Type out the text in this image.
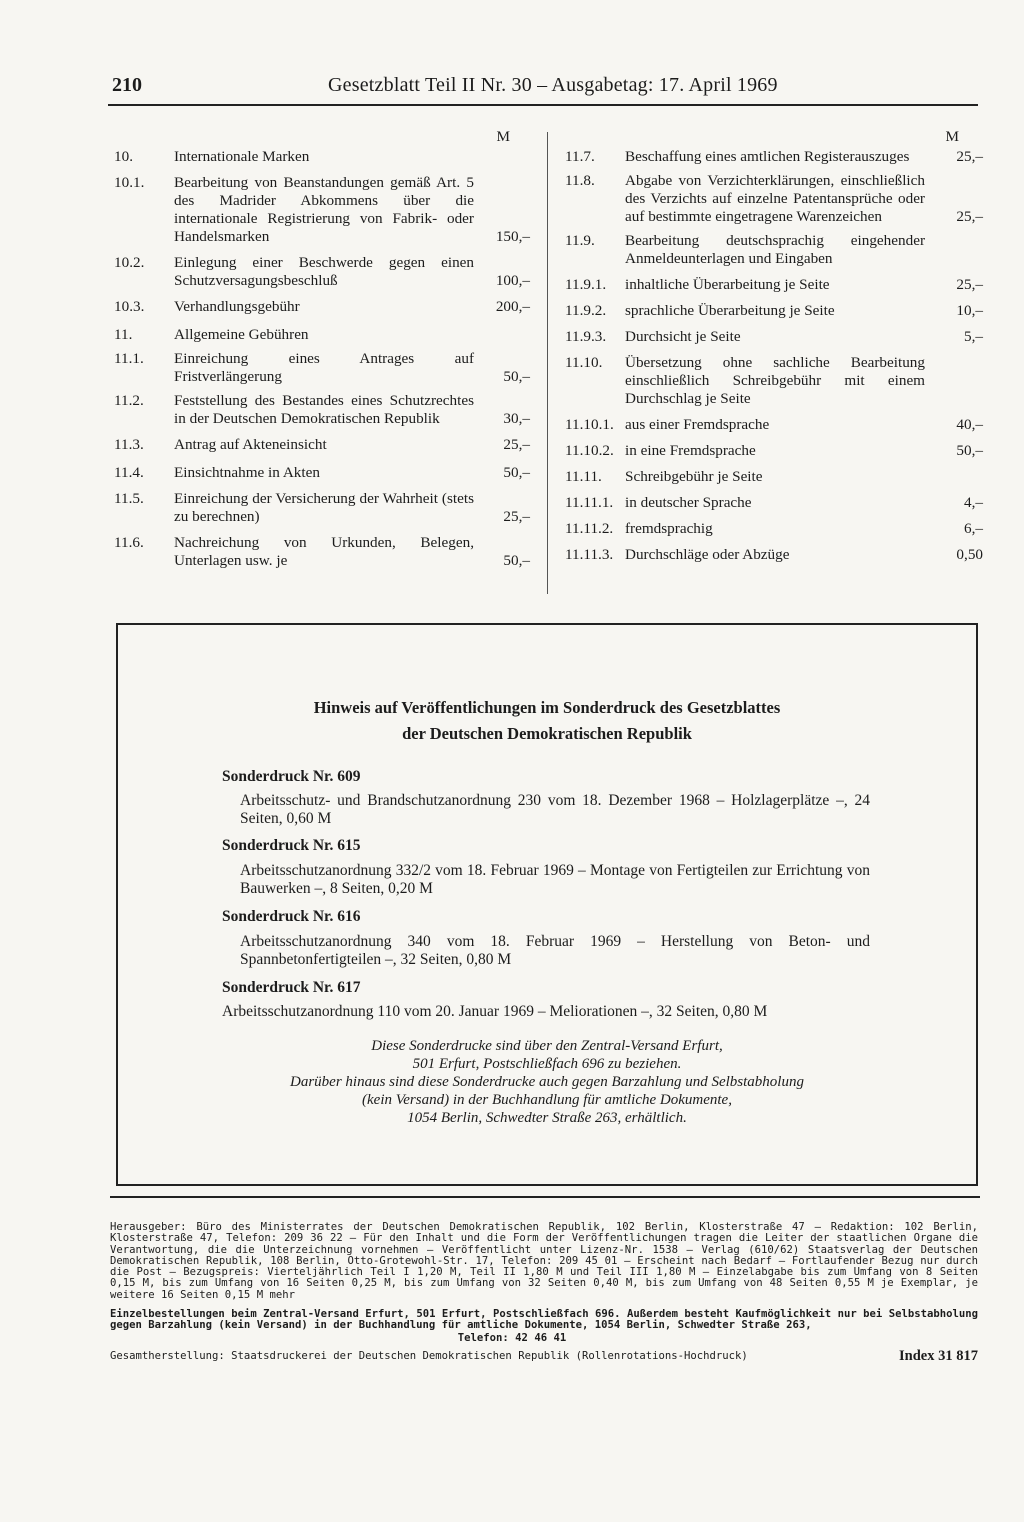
210	Gesetzblatt Teil II Nr. 30 – Ausgabetag: 17. April 1969
M
10.	Internationale Marken
10.1.	Bearbeitung von Beanstandungen gemäß Art. 5 des Madrider Abkommens über die internationale Registrierung von Fabrik- oder Handelsmarken	150,–
10.2.	Einlegung einer Beschwerde gegen einen Schutzversagungsbeschluß	100,–
10.3.	Verhandlungsgebühr	200,–
11.	Allgemeine Gebühren
11.1.	Einreichung eines Antrages auf Fristverlängerung	50,–
11.2.	Feststellung des Bestandes eines Schutzrechtes in der Deutschen Demokratischen Republik	30,–
11.3.	Antrag auf Akteneinsicht	25,–
11.4.	Einsichtnahme in Akten	50,–
11.5.	Einreichung der Versicherung der Wahrheit (stets zu berechnen)	25,–
11.6.	Nachreichung von Urkunden, Belegen, Unterlagen usw. je	50,–
M
11.7.	Beschaffung eines amtlichen Registerauszuges	25,–
11.8.	Abgabe von Verzichterklärungen, einschließlich des Verzichts auf einzelne Patentansprüche oder auf bestimmte eingetragene Warenzeichen	25,–
11.9.	Bearbeitung deutschsprachig eingehender Anmeldeunterlagen und Eingaben
11.9.1.	inhaltliche Überarbeitung je Seite	25,–
11.9.2.	sprachliche Überarbeitung je Seite	10,–
11.9.3.	Durchsicht je Seite	5,–
11.10.	Übersetzung ohne sachliche Bearbeitung einschließlich Schreibgebühr mit einem Durchschlag je Seite
11.10.1. aus einer Fremdsprache	40,–
11.10.2. in eine Fremdsprache	50,–
11.11.	Schreibgebühr je Seite
11.11.1. in deutscher Sprache	4,–
11.11.2. fremdsprachig	6,–
11.11.3. Durchschläge oder Abzüge	0,50
Hinweis auf Veröffentlichungen im Sonderdruck des Gesetzblattes
der Deutschen Demokratischen Republik
Sonderdruck Nr. 609
Arbeitsschutz- und Brandschutzanordnung 230 vom 18. Dezember 1968 – Holzlagerplätze –, 24 Seiten, 0,60 M
Sonderdruck Nr. 615
Arbeitsschutzanordnung 332/2 vom 18. Februar 1969 – Montage von Fertigteilen zur Errichtung von Bauwerken –, 8 Seiten, 0,20 M
Sonderdruck Nr. 616
Arbeitsschutzanordnung 340 vom 18. Februar 1969 – Herstellung von Beton- und Spannbetonfertigteilen –, 32 Seiten, 0,80 M
Sonderdruck Nr. 617
Arbeitsschutzanordnung 110 vom 20. Januar 1969 – Meliorationen –, 32 Seiten, 0,80 M
Diese Sonderdrucke sind über den Zentral-Versand Erfurt,
501 Erfurt, Postschließfach 696 zu beziehen.
Darüber hinaus sind diese Sonderdrucke auch gegen Barzahlung und Selbstabholung
(kein Versand) in der Buchhandlung für amtliche Dokumente,
1054 Berlin, Schwedter Straße 263, erhältlich.
Herausgeber: Büro des Ministerrates der Deutschen Demokratischen Republik, 102 Berlin, Klosterstraße 47 – Redaktion: 102 Berlin, Klosterstraße 47, Telefon: 209 36 22 – Für den Inhalt und die Form der Veröffentlichungen tragen die Leiter der staatlichen Organe die Verantwortung, die die Unterzeichnung vornehmen – Veröffentlicht unter Lizenz-Nr. 1538 – Verlag (610/62) Staatsverlag der Deutschen Demokratischen Republik, 108 Berlin, Otto-Grotewohl-Str. 17, Telefon: 209 45 01 – Erscheint nach Bedarf – Fortlaufender Bezug nur durch die Post – Bezugspreis: Vierteljährlich Teil I 1,20 M, Teil II 1,80 M und Teil III 1,80 M – Einzelabgabe bis zum Umfang von 8 Seiten 0,15 M, bis zum Umfang von 16 Seiten 0,25 M, bis zum Umfang von 32 Seiten 0,40 M, bis zum Umfang von 48 Seiten 0,55 M je Exemplar, je weitere 16 Seiten 0,15 M mehr
Einzelbestellungen beim Zentral-Versand Erfurt, 501 Erfurt, Postschließfach 696. Außerdem besteht Kaufmöglichkeit nur bei Selbstabholung gegen Barzahlung (kein Versand) in der Buchhandlung für amtliche Dokumente, 1054 Berlin, Schwedter Straße 263,
Telefon: 42 46 41
Gesamtherstellung: Staatsdruckerei der Deutschen Demokratischen Republik (Rollenrotations-Hochdruck)	Index 31 817
